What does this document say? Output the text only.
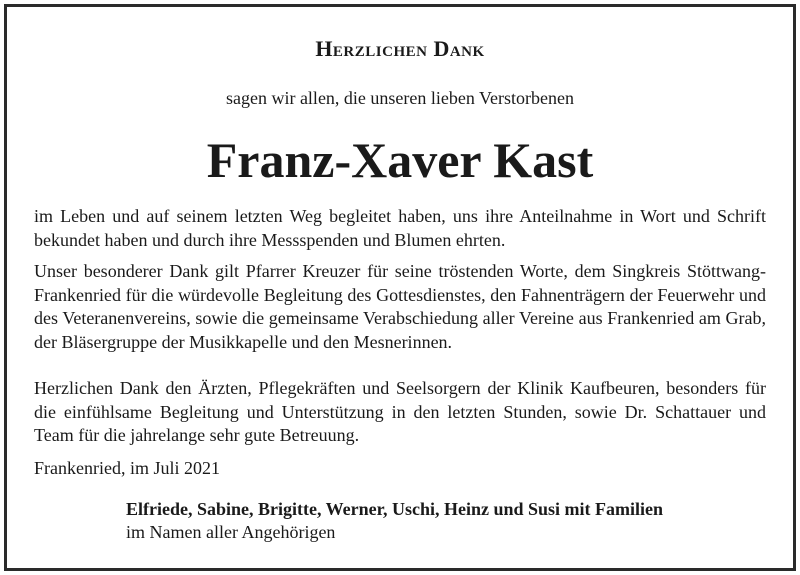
Herzlichen Dank
sagen wir allen, die unseren lieben Verstorbenen
Franz-Xaver Kast
im Leben und auf seinem letzten Weg begleitet haben, uns ihre Anteilnahme in Wort und Schrift bekundet haben und durch ihre Messspenden und Blumen ehrten.
Unser besonderer Dank gilt Pfarrer Kreuzer für seine tröstenden Worte, dem Singkreis Stöttwang-Frankenried für die würdevolle Begleitung des Gottesdienstes, den Fahnenträgern der Feuerwehr und des Veteranenvereins, sowie die gemeinsame Verabschiedung aller Vereine aus Frankenried am Grab, der Bläsergruppe der Musikkapelle und den Mesnerinnen.
Herzlichen Dank den Ärzten, Pflegekräften und Seelsorgern der Klinik Kaufbeuren, besonders für die einfühlsame Begleitung und Unterstützung in den letzten Stunden, sowie Dr. Schattauer und Team für die jahrelange sehr gute Betreuung.
Frankenried, im Juli 2021
Elfriede, Sabine, Brigitte, Werner, Uschi, Heinz und Susi mit Familien
im Namen aller Angehörigen
